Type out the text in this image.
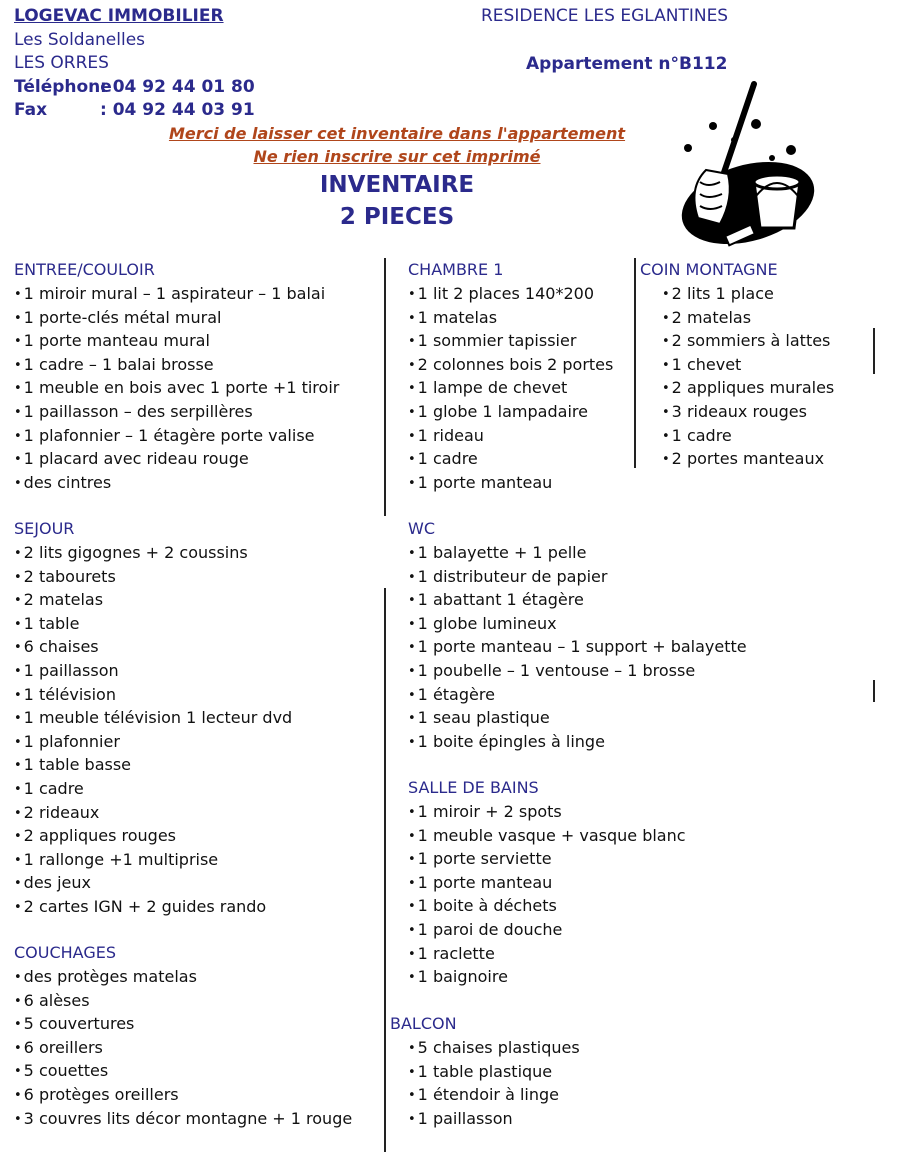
LOGEVAC IMMOBILIER
Les Soldanelles
LES ORRES
Téléphone: 04 92 44 01 80
Fax	: 04 92 44 03 91
RESIDENCE LES EGLANTINES
Appartement n°B112
Merci de laisser cet inventaire dans l'appartement
Ne rien inscrire sur cet imprimé
INVENTAIRE
2 PIECES
ENTREE/COULOIR
• 1 miroir mural – 1 aspirateur – 1 balai
• 1 porte-clés métal mural
• 1 porte manteau mural
• 1 cadre – 1 balai brosse
• 1 meuble en bois avec 1 porte +1 tiroir
• 1 paillasson – des serpillères
• 1 plafonnier – 1 étagère porte valise
• 1 placard avec rideau rouge
• des cintres
CHAMBRE 1
• 1 lit 2 places 140*200
• 1 matelas
• 1 sommier tapissier
• 2 colonnes bois 2 portes
• 1 lampe de chevet
• 1 globe 1 lampadaire
• 1 rideau
• 1 cadre
• 1 porte manteau
COIN MONTAGNE
• 2 lits 1 place
• 2 matelas
• 2 sommiers à lattes
• 1 chevet
• 2 appliques murales
• 3 rideaux rouges
• 1 cadre
• 2 portes manteaux
SEJOUR
• 2 lits gigognes + 2 coussins
• 2 tabourets
• 2 matelas
• 1 table
• 6 chaises
• 1 paillasson
• 1 télévision
• 1 meuble télévision 1 lecteur dvd
• 1 plafonnier
• 1 table basse
• 1 cadre
• 2 rideaux
• 2 appliques rouges
• 1 rallonge +1 multiprise
• des jeux
• 2 cartes IGN + 2 guides rando
WC
• 1 balayette + 1 pelle
• 1 distributeur de papier
• 1 abattant 1 étagère
• 1 globe lumineux
• 1 porte manteau – 1 support + balayette
• 1 poubelle – 1 ventouse – 1 brosse
• 1 étagère
• 1 seau plastique
• 1 boite épingles à linge
SALLE DE BAINS
• 1 miroir + 2 spots
• 1 meuble vasque + vasque blanc
• 1 porte serviette
• 1 porte manteau
• 1 boite à déchets
• 1 paroi de douche
• 1 raclette
• 1 baignoire
COUCHAGES
• des protèges matelas
• 6 alèses
• 5 couvertures
• 6 oreillers
• 5 couettes
• 6 protèges oreillers
• 3 couvres lits décor montagne + 1 rouge
BALCON
• 5 chaises plastiques
• 1 table plastique
• 1 étendoir à linge
• 1 paillasson
